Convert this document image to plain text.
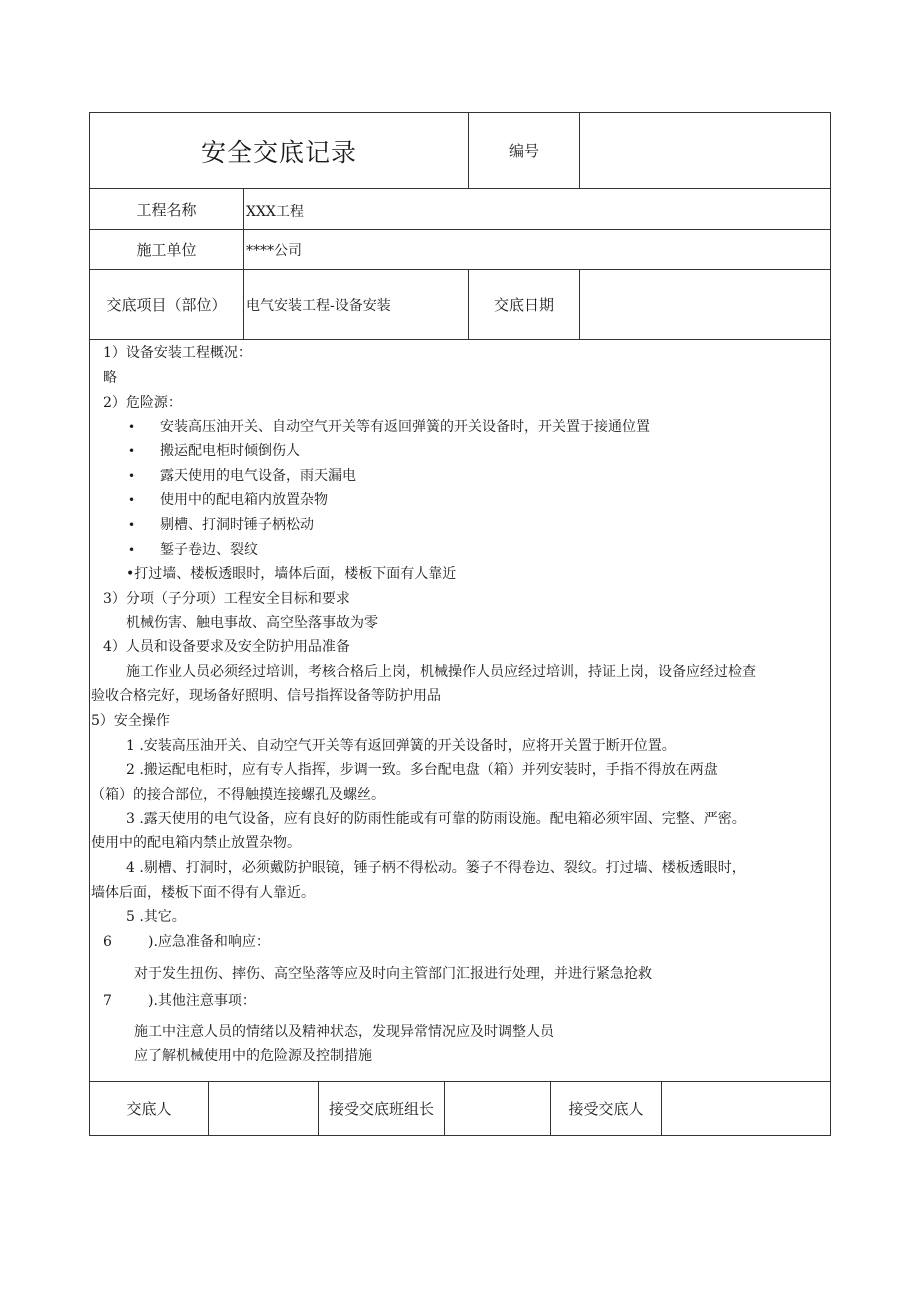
安全交底记录	编号
工程名称	XXX工程
施工单位	****公司
交底项目（部位）	电气安装工程-设备安装	交底日期
1）设备安装工程概况：
略
2）危险源：
• 安装高压油开关、自动空气开关等有返回弹簧的开关设备时，开关置于接通位置
• 搬运配电柜时倾倒伤人
• 露天使用的电气设备，雨天漏电
• 使用中的配电箱内放置杂物
• 剔槽、打洞时锤子柄松动
• 錾子卷边、裂纹
•打过墙、楼板透眼时，墙体后面，楼板下面有人靠近
3）分项（子分项）工程安全目标和要求
机械伤害、触电事故、高空坠落事故为零
4）人员和设备要求及安全防护用品准备
施工作业人员必须经过培训，考核合格后上岗，机械操作人员应经过培训，持证上岗，设备应经过检查
验收合格完好，现场备好照明、信号指挥设备等防护用品
5）安全操作
1 .安装高压油开关、自动空气开关等有返回弹簧的开关设备时，应将开关置于断开位置。
2 .搬运配电柜时，应有专人指挥，步调一致。多台配电盘（箱）并列安装时，手指不得放在两盘
（箱）的接合部位，不得触摸连接螺孔及螺丝。
3 .露天使用的电气设备，应有良好的防雨性能或有可靠的防雨设施。配电箱必须牢固、完整、严密。
使用中的配电箱内禁止放置杂物。
4 .剔槽、打洞时，必须戴防护眼镜，锤子柄不得松动。篓子不得卷边、裂纹。打过墙、楼板透眼时，
墙体后面，楼板下面不得有人靠近。
5 .其它。
6	).应急准备和响应：
对于发生扭伤、摔伤、高空坠落等应及时向主管部门汇报进行处理，并进行紧急抢救
7	).其他注意事项：
施工中注意人员的情绪以及精神状态，发现异常情况应及时调整人员
应了解机械使用中的危险源及控制措施
交底人	接受交底班组长	接受交底人
